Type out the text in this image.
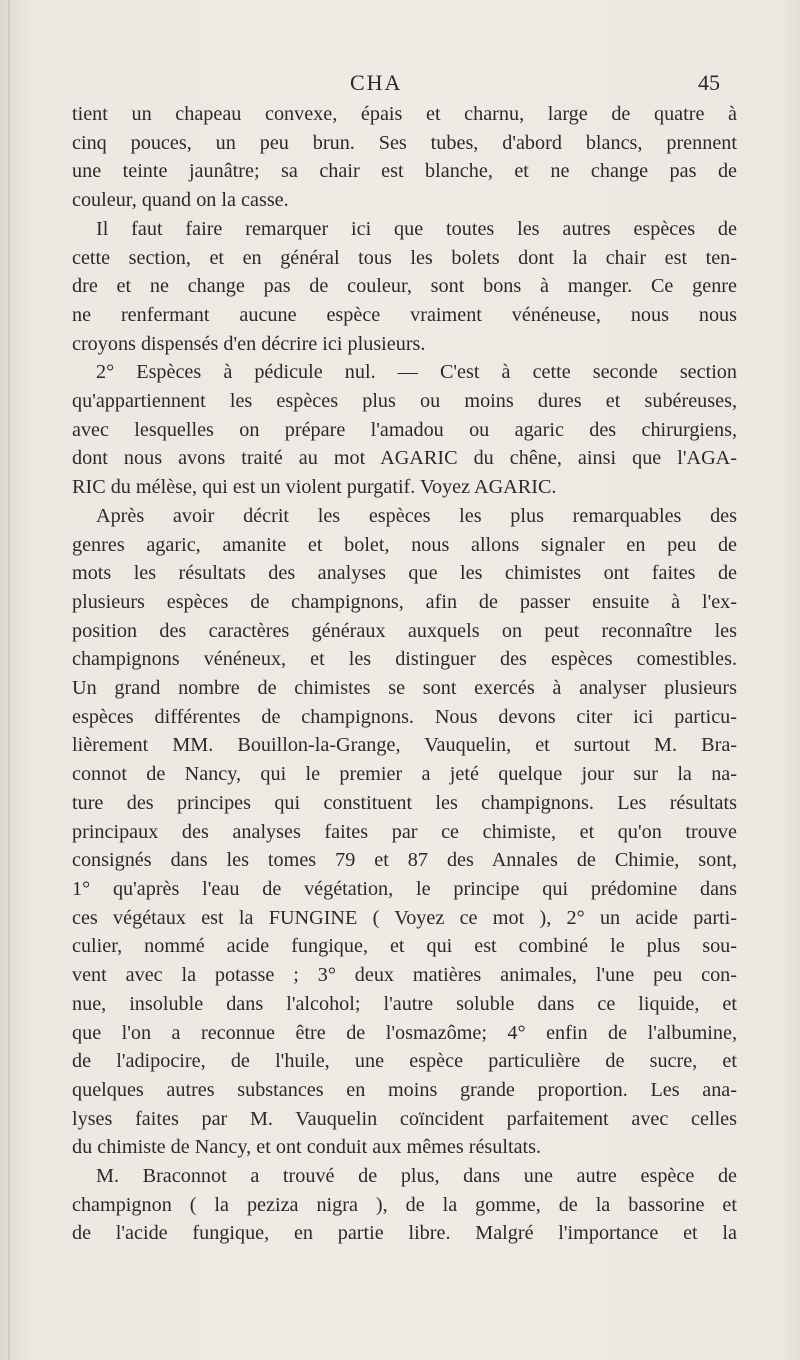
CHA	45

tient un chapeau convexe, épais et charnu, large de quatre à

cinq pouces, un peu brun. Ses tubes, d'abord blancs, prennent

une teinte jaunâtre; sa chair est blanche, et ne change pas de

couleur, quand on la casse.

Il faut faire remarquer ici que toutes les autres espèces de

cette section, et en général tous les bolets dont la chair est ten-

dre et ne change pas de couleur, sont bons à manger. Ce genre

ne renfermant aucune espèce vraiment vénéneuse, nous nous

croyons dispensés d'en décrire ici plusieurs.

2° Espèces à pédicule nul. — C'est à cette seconde section

qu'appartiennent les espèces plus ou moins dures et subéreuses,

avec lesquelles on prépare l'amadou ou agaric des chirurgiens,

dont nous avons traité au mot AGARIC du chêne, ainsi que l'AGA-

RIC du mélèse, qui est un violent purgatif. Voyez AGARIC.

Après avoir décrit les espèces les plus remarquables des

genres agaric, amanite et bolet, nous allons signaler en peu de

mots les résultats des analyses que les chimistes ont faites de

plusieurs espèces de champignons, afin de passer ensuite à l'ex-

position des caractères généraux auxquels on peut reconnaître les

champignons vénéneux, et les distinguer des espèces comestibles.

Un grand nombre de chimistes se sont exercés à analyser plusieurs

espèces différentes de champignons. Nous devons citer ici particu-

lièrement MM. Bouillon-la-Grange, Vauquelin, et surtout M. Bra-

connot de Nancy, qui le premier a jeté quelque jour sur la na-

ture des principes qui constituent les champignons. Les résultats

principaux des analyses faites par ce chimiste, et qu'on trouve

consignés dans les tomes 79 et 87 des Annales de Chimie, sont,

1° qu'après l'eau de végétation, le principe qui prédomine dans

ces végétaux est la FUNGINE ( Voyez ce mot ), 2° un acide parti-

culier, nommé acide fungique, et qui est combiné le plus sou-

vent avec la potasse ; 3° deux matières animales, l'une peu con-

nue, insoluble dans l'alcohol; l'autre soluble dans ce liquide, et

que l'on a reconnue être de l'osmazôme; 4° enfin de l'albumine,

de l'adipocire, de l'huile, une espèce particulière de sucre, et

quelques autres substances en moins grande proportion. Les ana-

lyses faites par M. Vauquelin coïncident parfaitement avec celles

du chimiste de Nancy, et ont conduit aux mêmes résultats.

M. Braconnot a trouvé de plus, dans une autre espèce de

champignon ( la peziza nigra ), de la gomme, de la bassorine et

de l'acide fungique, en partie libre. Malgré l'importance et la
